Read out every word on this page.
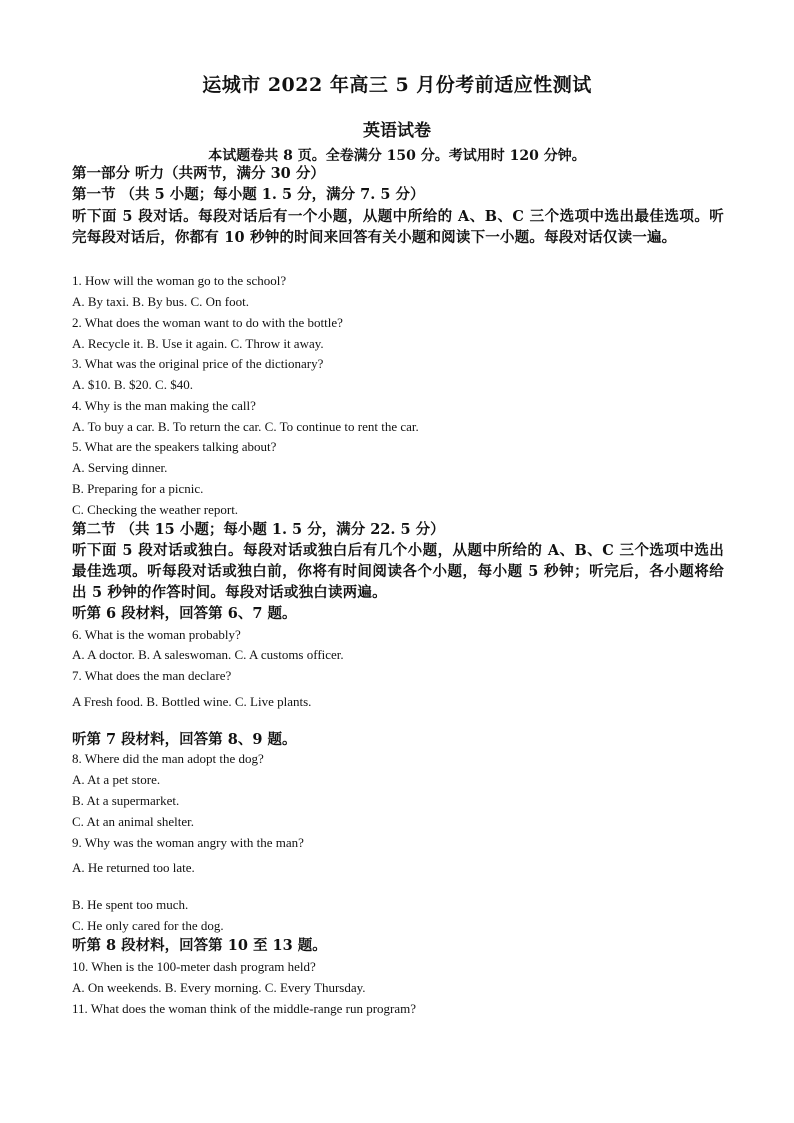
运城市 2022 年高三 5 月份考前适应性测试
英语试卷
本试题卷共 8 页。全卷满分 150 分。考试用时 120 分钟。
第一部分 听力（共两节，满分 30 分）
第一节 （共 5 小题；每小题 1. 5 分，满分 7. 5 分）
听下面 5 段对话。每段对话后有一个小题，从题中所给的 A、B、C 三个选项中选出最佳选项。听完每段对话后，你都有 10 秒钟的时间来回答有关小题和阅读下一小题。每段对话仅读一遍。
1. How will the woman go to the school?
A. By taxi. B. By bus. C. On foot.
2. What does the woman want to do with the bottle?
A. Recycle it. B. Use it again. C. Throw it away.
3. What was the original price of the dictionary?
A. $10. B. $20. C. $40.
4. Why is the man making the call?
A. To buy a car. B. To return the car. C. To continue to rent the car.
5. What are the speakers talking about?
A. Serving dinner.
B. Preparing for a picnic.
C. Checking the weather report.
第二节 （共 15 小题；每小题 1. 5 分，满分 22. 5 分）
听下面 5 段对话或独白。每段对话或独白后有几个小题，从题中所给的 A、B、C 三个选项中选出最佳选项。听每段对话或独白前，你将有时间阅读各个小题，每小题 5 秒钟；听完后，各小题将给出 5 秒钟的作答时间。每段对话或独白读两遍。
听第 6 段材料，回答第 6、7 题。
6. What is the woman probably?
A. A doctor. B. A saleswoman. C. A customs officer.
7. What does the man declare?
A Fresh food. B. Bottled wine. C. Live plants.
听第 7 段材料，回答第 8、9 题。
8. Where did the man adopt the dog?
A. At a pet store.
B. At a supermarket.
C. At an animal shelter.
9. Why was the woman angry with the man?
A. He returned too late.
B. He spent too much.
C. He only cared for the dog.
听第 8 段材料，回答第 10 至 13 题。
10. When is the 100-meter dash program held?
A. On weekends. B. Every morning. C. Every Thursday.
11. What does the woman think of the middle-range run program?
